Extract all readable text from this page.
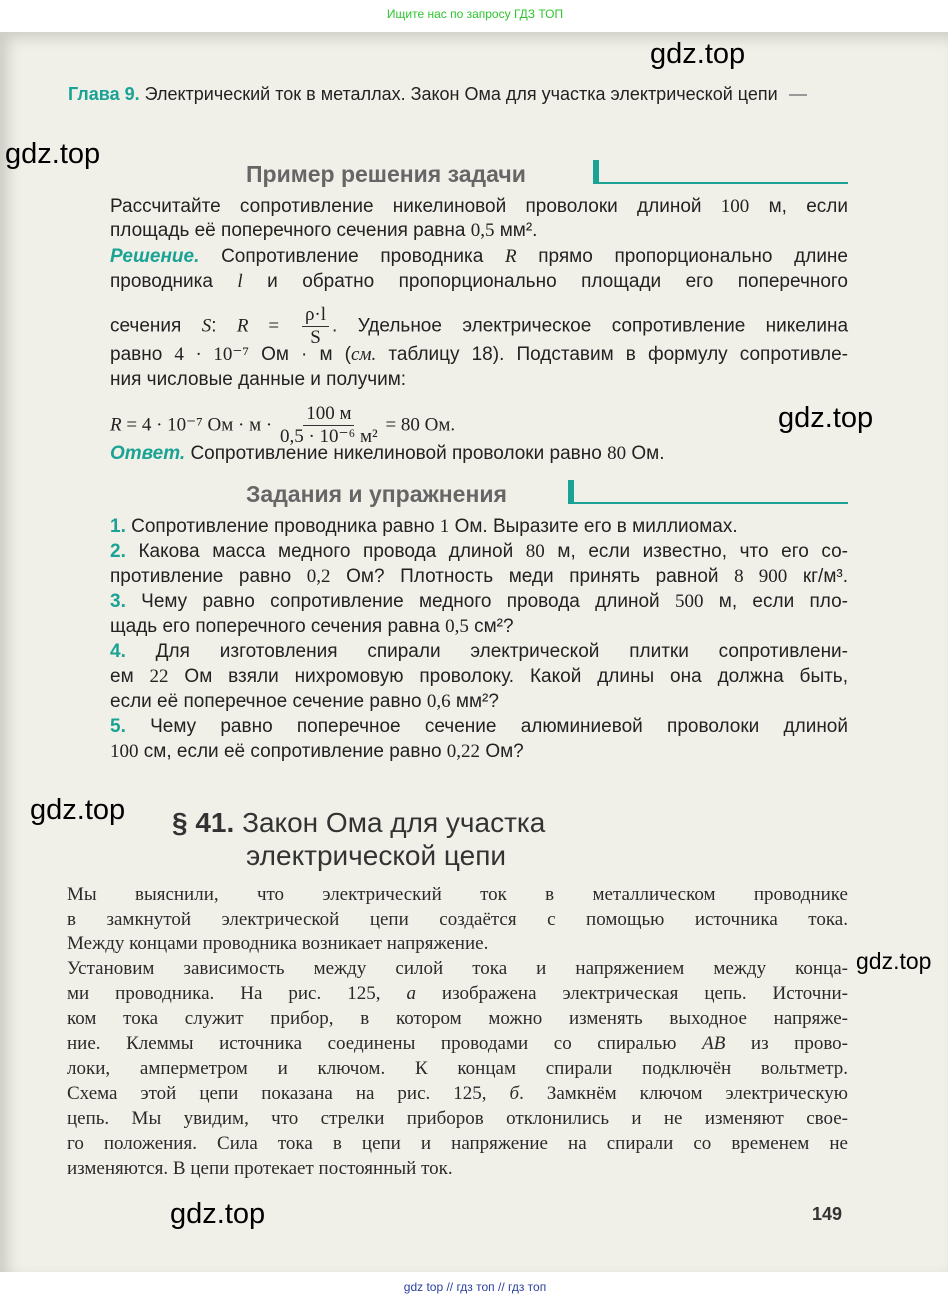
Ищите нас по запросу ГДЗ ТОП
Глава 9. Электрический ток в металлах. Закон Ома для участка электрической цепи
Пример решения задачи
Рассчитайте сопротивление никелиновой проволоки длиной 100 м, если
площадь её поперечного сечения равна 0,5 мм².
Решение. Сопротивление проводника R прямо пропорционально длине
проводника l и обратно пропорционально площади его поперечного
сечения S: $R = \frac{\rho\cdot l}{S}$ . Удельное электрическое сопротивление никелина
равно 4 · 10⁻⁷ Ом · м (см. таблицу 18). Подставим в формулу сопротивле-
ния числовые данные и получим:
R = 4 · 10⁻⁷ Ом · $м \cdot \frac{100 м}{\text{0,5 · 10⁻⁶ м²}} = 80$ Ом.
Ответ. Сопротивление никелиновой проволоки равно 80 Ом.
Задания и упражнения
1. Сопротивление проводника равно 1 Ом. Выразите его в миллиомах.
2. Какова масса медного провода длиной 80 м, если известно, что его со-
противление равно 0,2 Ом? Плотность меди принять равной 8 900 кг/м³.
3. Чему равно сопротивление медного провода длиной 500 м, если пло-
щадь его поперечного сечения равна 0,5 см²?
4. Для изготовления спирали электрической плитки сопротивлени-
ем 22 Ом взяли нихромовую проволоку. Какой длины она должна быть,
если её поперечное сечение равно 0,6 мм²?
5. Чему равно поперечное сечение алюминиевой проволоки длиной
100 см, если её сопротивление равно 0,22 Ом?
§ 41. Закон Ома для участка
электрической цепи
Мы выяснили, что электрический ток в металлическом проводнике
в замкнутой электрической цепи создаётся с помощью источника тока.
Между концами проводника возникает напряжение.
Установим зависимость между силой тока и напряжением между конца-
ми проводника. На рис. 125, а изображена электрическая цепь. Источни-
ком тока служит прибор, в котором можно изменять выходное напряже-
ние. Клеммы источника соединены проводами со спиралью AB из прово-
локи, амперметром и ключом. К концам спирали подключён вольтметр.
Схема этой цепи показана на рис. 125, б. Замкнём ключом электрическую
цепь. Мы увидим, что стрелки приборов отклонились и не изменяют свое-
го положения. Сила тока в цепи и напряжение на спирали со временем не
изменяются. В цепи протекает постоянный ток.
149
gdz.top
gdz.top
gdz.top
gdz.top
gdz.top
gdz.top
gdz top // гдз топ // гдз топ
